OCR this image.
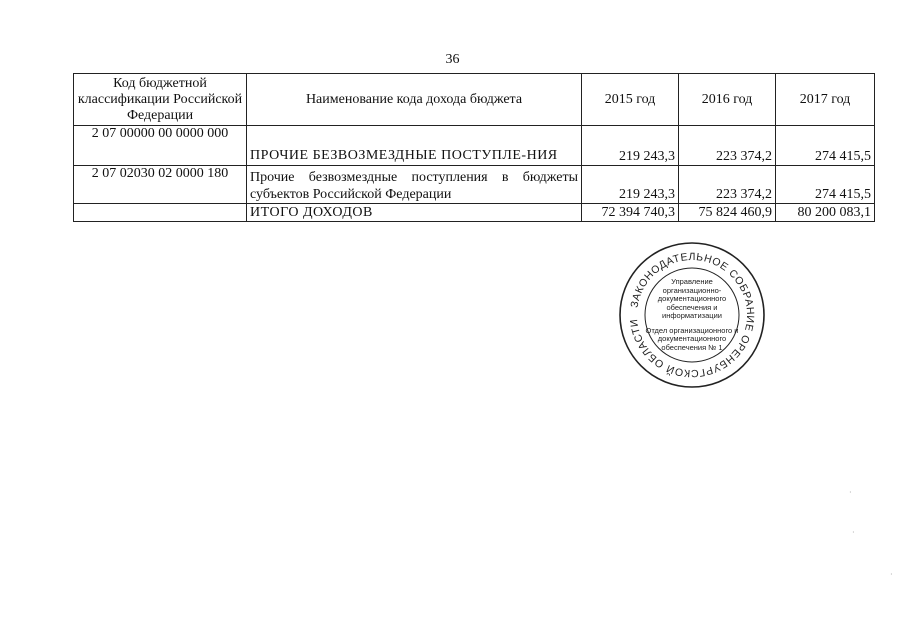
36
Код бюджетной классификации Российской Федерации	Наименование кода дохода бюджета	2015 год	2016 год	2017 год
2 07 00000 00 0000 000	ПРОЧИЕ БЕЗВОЗМЕЗДНЫЕ ПОСТУПЛЕ-НИЯ	219 243,3	223 374,2	274 415,5
2 07 02030 02 0000 180	Прочие безвозмездные поступления в бюджеты субъектов Российской Федерации	219 243,3	223 374,2	274 415,5
	ИТОГО ДОХОДОВ	72 394 740,3	75 824 460,9	80 200 083,1
ЗАКОНОДАТЕЛЬНОЕ СОБРАНИЕ ОРЕНБУРГСКОЙ ОБЛАСТИ
Управление организационно-документационного обеспечения и информатизации
Отдел организационного и документационного обеспечения № 1
·
·
·
